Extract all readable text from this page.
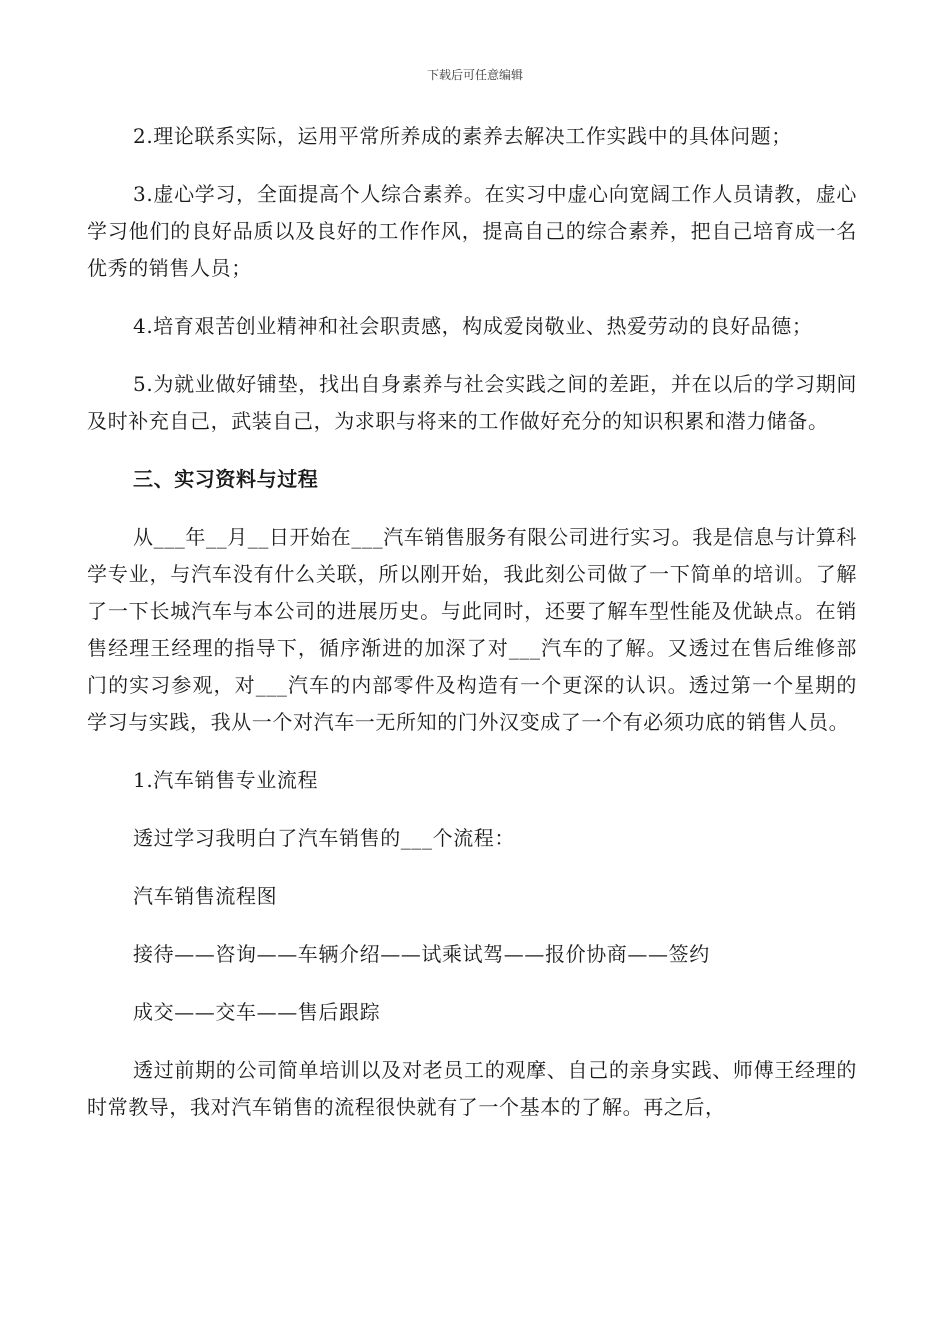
下载后可任意编辑

2.理论联系实际，运用平常所养成的素养去解决工作实践中的具体问题；

3.虚心学习，全面提高个人综合素养。在实习中虚心向宽阔工作人员请教，虚心学习他们的良好品质以及良好的工作作风，提高自己的综合素养，把自己培育成一名优秀的销售人员；

4.培育艰苦创业精神和社会职责感，构成爱岗敬业、热爱劳动的良好品德；

5.为就业做好铺垫，找出自身素养与社会实践之间的差距，并在以后的学习期间及时补充自己，武装自己，为求职与将来的工作做好充分的知识积累和潜力储备。

三、实习资料与过程

从___年__月__日开始在___汽车销售服务有限公司进行实习。我是信息与计算科学专业，与汽车没有什么关联，所以刚开始，我此刻公司做了一下简单的培训。了解了一下长城汽车与本公司的进展历史。与此同时，还要了解车型性能及优缺点。在销售经理王经理的指导下，循序渐进的加深了对___汽车的了解。又透过在售后维修部门的实习参观，对___汽车的内部零件及构造有一个更深的认识。透过第一个星期的学习与实践，我从一个对汽车一无所知的门外汉变成了一个有必须功底的销售人员。

1.汽车销售专业流程

透过学习我明白了汽车销售的___个流程：

汽车销售流程图

接待——咨询——车辆介绍——试乘试驾——报价协商——签约

成交——交车——售后跟踪

透过前期的公司简单培训以及对老员工的观摩、自己的亲身实践、师傅王经理的时常教导，我对汽车销售的流程很快就有了一个基本的了解。再之后，
